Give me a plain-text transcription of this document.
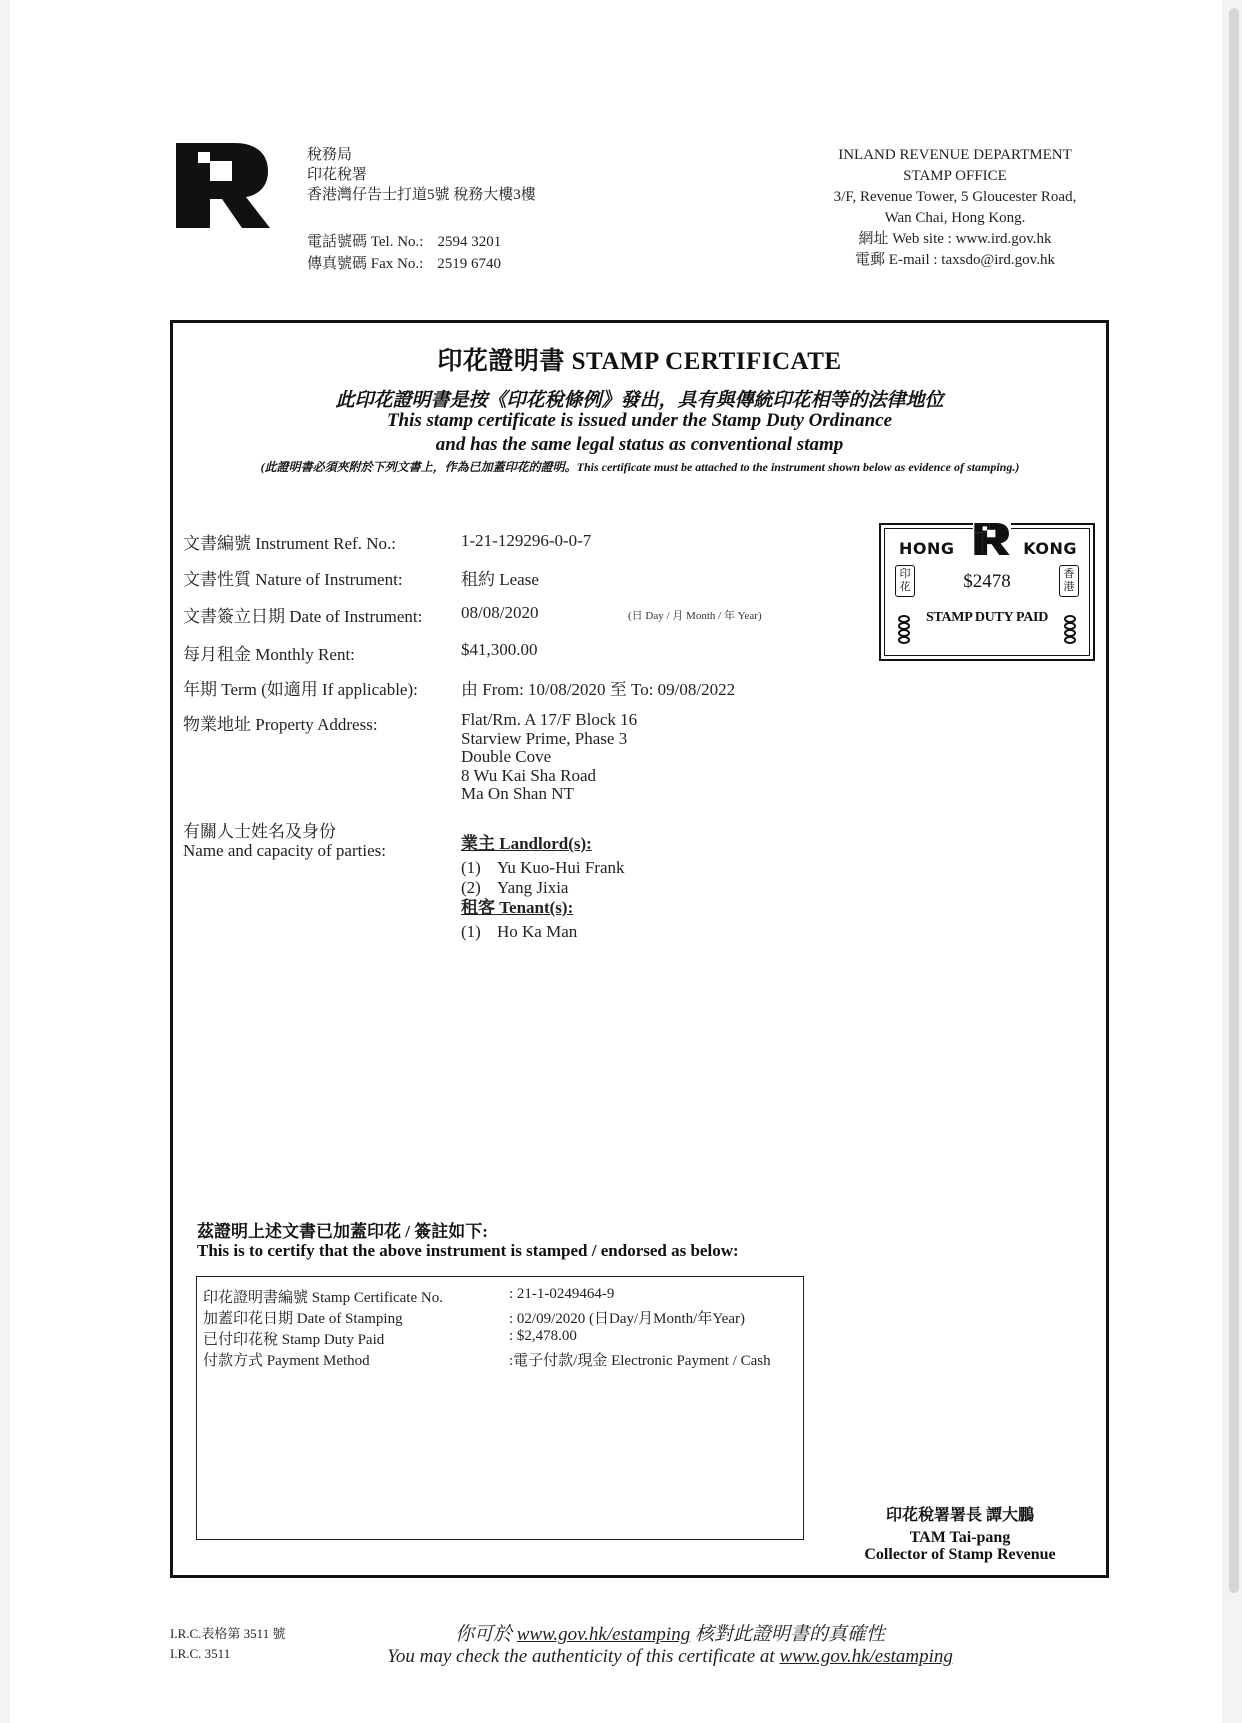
稅務局
印花稅署
香港灣仔告士打道5號 稅務大樓3樓
電話號碼 Tel. No.: 2594 3201
傳真號碼 Fax No.: 2519 6740
INLAND REVENUE DEPARTMENT
STAMP OFFICE
3/F, Revenue Tower, 5 Gloucester Road,
Wan Chai, Hong Kong.
網址 Web site : www.ird.gov.hk
電郵 E-mail : taxsdo@ird.gov.hk
印花證明書 STAMP CERTIFICATE
此印花證明書是按《印花稅條例》發出，具有與傳統印花相等的法律地位
This stamp certificate is issued under the Stamp Duty Ordinance
and has the same legal status as conventional stamp
(此證明書必須夾附於下列文書上，作為已加蓋印花的證明。This certificate must be attached to the instrument shown below as evidence of stamping.)
文書編號 Instrument Ref. No.:	1-21-129296-0-0-7
文書性質 Nature of Instrument:	租約 Lease
文書簽立日期 Date of Instrument: 08/08/2020	(日 Day / 月 Month / 年 Year)
每月租金 Monthly Rent:	$41,300.00
年期 Term (如適用 If applicable):	由 From: 10/08/2020 至 To: 09/08/2022
物業地址 Property Address:	Flat/Rm. A 17/F Block 16
Starview Prime, Phase 3
Double Cove
8 Wu Kai Sha Road
Ma On Shan NT
有關人士姓名及身份
Name and capacity of parties:	業主 Landlord(s):
(1) Yu Kuo-Hui Frank
(2) Yang Jixia
租客 Tenant(s):
(1) Ho Ka Man
HONG	KONG
印花
香港
$2478
STAMP DUTY PAID
茲證明上述文書已加蓋印花 / 簽註如下:
This is to certify that the above instrument is stamped / endorsed as below:
印花證明書編號 Stamp Certificate No.	: 21-1-0249464-9
加蓋印花日期 Date of Stamping	: 02/09/2020 (日Day/月Month/年Year)
已付印花稅 Stamp Duty Paid	: $2,478.00
付款方式 Payment Method	:電子付款/現金 Electronic Payment / Cash
印花稅署署長 譚大鵬
TAM Tai-pang
Collector of Stamp Revenue
I.R.C.表格第 3511 號
I.R.C. 3511
你可於 www.gov.hk/estamping 核對此證明書的真確性
You may check the authenticity of this certificate at www.gov.hk/estamping
